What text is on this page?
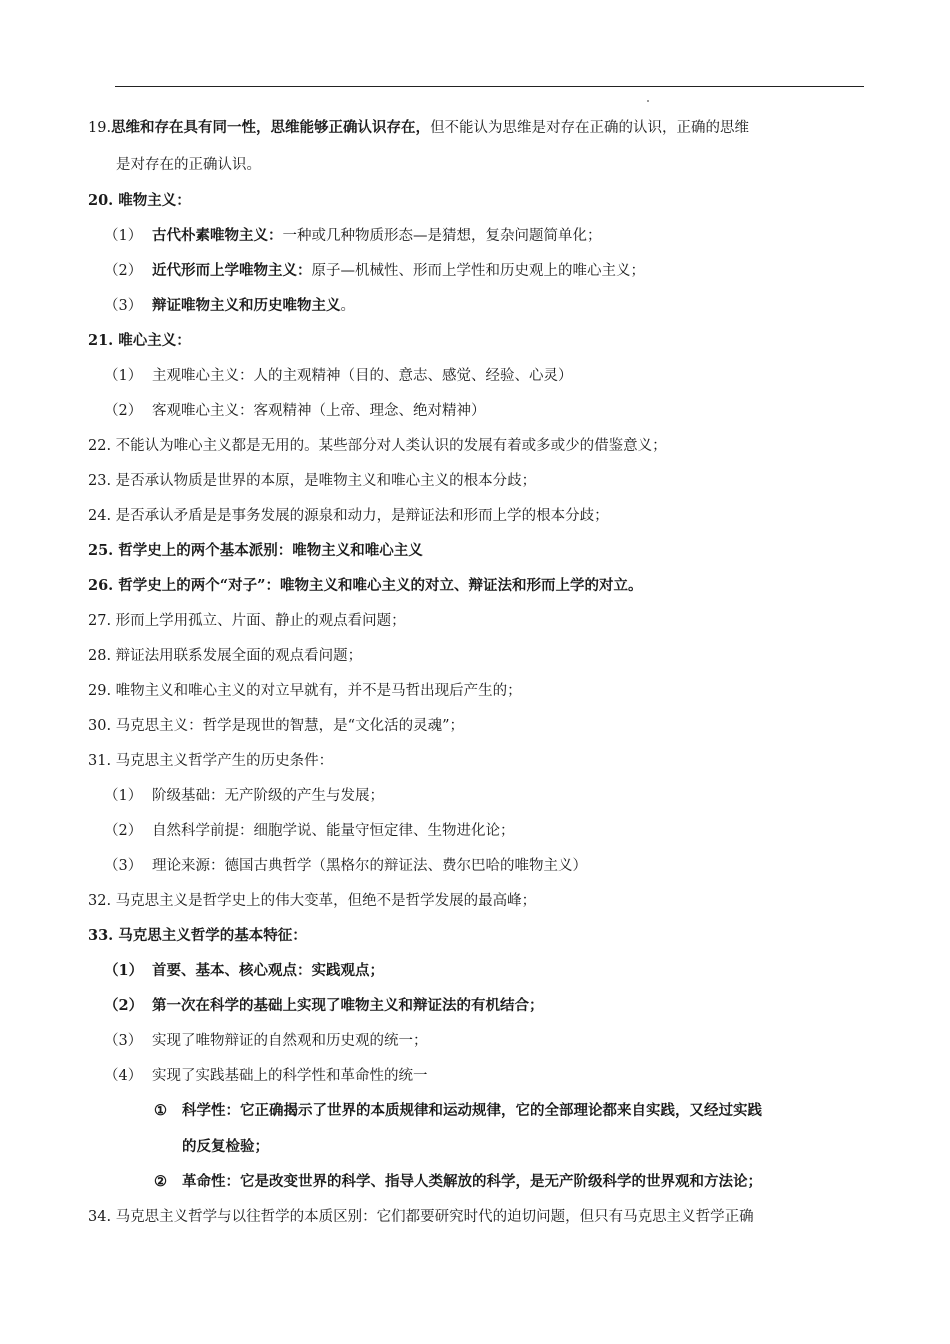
19.思维和存在具有同一性，思维能够正确认识存在，但不能认为思维是对存在正确的认识，正确的思维
是对存在的正确认识。
20. 唯物主义：
（1） 古代朴素唯物主义：一种或几种物质形态—是猜想，复杂问题简单化；
（2） 近代形而上学唯物主义：原子—机械性、形而上学性和历史观上的唯心主义；
（3） 辩证唯物主义和历史唯物主义。
21. 唯心主义：
（1） 主观唯心主义：人的主观精神（目的、意志、感觉、经验、心灵）
（2） 客观唯心主义：客观精神（上帝、理念、绝对精神）
22. 不能认为唯心主义都是无用的。某些部分对人类认识的发展有着或多或少的借鉴意义；
23. 是否承认物质是世界的本原，是唯物主义和唯心主义的根本分歧；
24. 是否承认矛盾是是事务发展的源泉和动力，是辩证法和形而上学的根本分歧；
25. 哲学史上的两个基本派别：唯物主义和唯心主义
26. 哲学史上的两个“对子”：唯物主义和唯心主义的对立、辩证法和形而上学的对立。
27. 形而上学用孤立、片面、静止的观点看问题；
28. 辩证法用联系发展全面的观点看问题；
29. 唯物主义和唯心主义的对立早就有，并不是马哲出现后产生的；
30. 马克思主义：哲学是现世的智慧，是“文化活的灵魂”；
31. 马克思主义哲学产生的历史条件：
（1） 阶级基础：无产阶级的产生与发展；
（2） 自然科学前提：细胞学说、能量守恒定律、生物进化论；
（3） 理论来源：德国古典哲学（黑格尔的辩证法、费尔巴哈的唯物主义）
32. 马克思主义是哲学史上的伟大变革，但绝不是哲学发展的最高峰；
33. 马克思主义哲学的基本特征：
（1） 首要、基本、核心观点：实践观点；
（2） 第一次在科学的基础上实现了唯物主义和辩证法的有机结合；
（3） 实现了唯物辩证的自然观和历史观的统一；
（4） 实现了实践基础上的科学性和革命性的统一
① 科学性：它正确揭示了世界的本质规律和运动规律，它的全部理论都来自实践，又经过实践
的反复检验；
② 革命性：它是改变世界的科学、指导人类解放的科学，是无产阶级科学的世界观和方法论；
34. 马克思主义哲学与以往哲学的本质区别：它们都要研究时代的迫切问题，但只有马克思主义哲学正确
